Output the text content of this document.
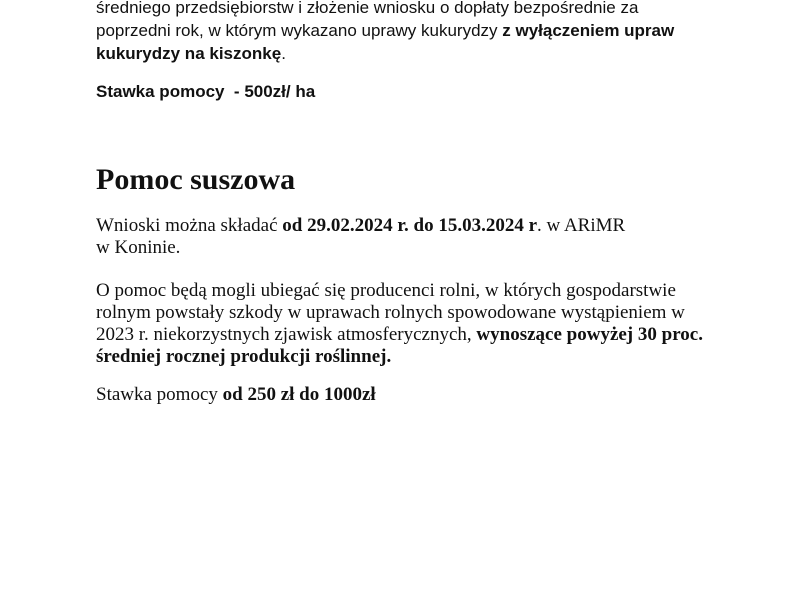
średniego przedsiębiorstw i złożenie wniosku o dopłaty bezpośrednie za

poprzedni rok, w którym wykazano uprawy kukurydzy z wyłączeniem upraw

kukurydzy na kiszonkę.

Stawka pomocy  - 500zł/ ha
Pomoc suszowa
Wnioski można składać od 29.02.2024 r. do 15.03.2024 r. w ARiMR
w Koninie.
O pomoc będą mogli ubiegać się producenci rolni, w których gospodarstwie
rolnym powstały szkody w uprawach rolnych spowodowane wystąpieniem w
2023 r. niekorzystnych zjawisk atmosferycznych, wynoszące powyżej 30 proc.
średniej rocznej produkcji roślinnej.
Stawka pomocy od 250 zł do 1000zł
